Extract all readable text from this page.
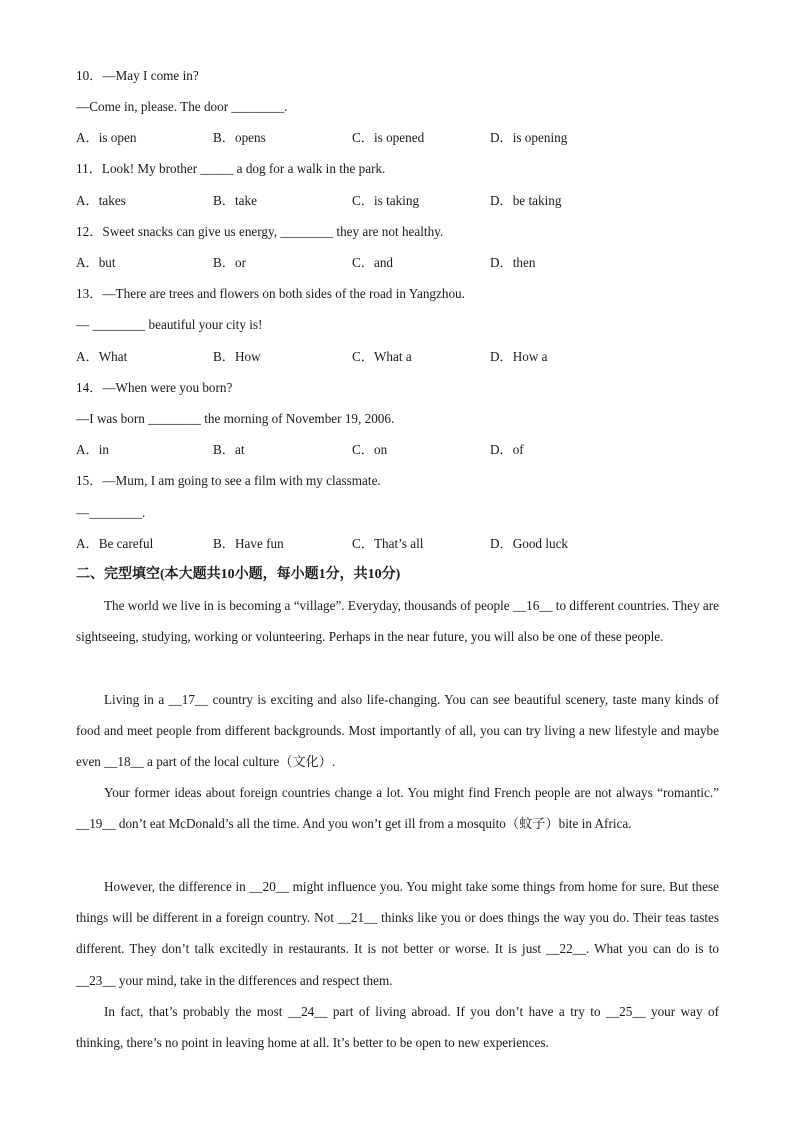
10．—May I come in?
—Come in, please. The door ________.
A．is open	B．opens	C．is opened	D．is opening
11．Look! My brother _____ a dog for a walk in the park.
A．takes	B．take	C．is taking	D．be taking
12．Sweet snacks can give us energy, ________ they are not healthy.
A．but	B．or	C．and	D．then
13．—There are trees and flowers on both sides of the road in Yangzhou.
— ________ beautiful your city is!
A．What	B．How	C．What a	D．How a
14．—When were you born?
—I was born ________ the morning of November 19, 2006.
A．in	B．at	C．on	D．of
15．—Mum, I am going to see a film with my classmate.
—________.
A．Be careful	B．Have fun	C．That’s all	D．Good luck
二、完型填空(本大题共10小题，每小题1分，共10分)
The world we live in is becoming a “village”. Everyday, thousands of people __16__ to different countries. They are sightseeing, studying, working or volunteering. Perhaps in the near future, you will also be one of these people.
Living in a __17__ country is exciting and also life-changing. You can see beautiful scenery, taste many kinds of food and meet people from different backgrounds. Most importantly of all, you can try living a new lifestyle and maybe even __18__ a part of the local culture（文化）.
Your former ideas about foreign countries change a lot. You might find French people are not always “romantic.” __19__ don’t eat McDonald’s all the time. And you won’t get ill from a mosquito（蚊子）bite in Africa.
However, the difference in __20__ might influence you. You might take some things from home for sure. But these things will be different in a foreign country. Not __21__ thinks like you or does things the way you do. Their teas tastes different. They don’t talk excitedly in restaurants. It is not better or worse. It is just __22__. What you can do is to __23__ your mind, take in the differences and respect them.
In fact, that’s probably the most __24__ part of living abroad. If you don’t have a try to __25__ your way of thinking, there’s no point in leaving home at all. It’s better to be open to new experiences.
